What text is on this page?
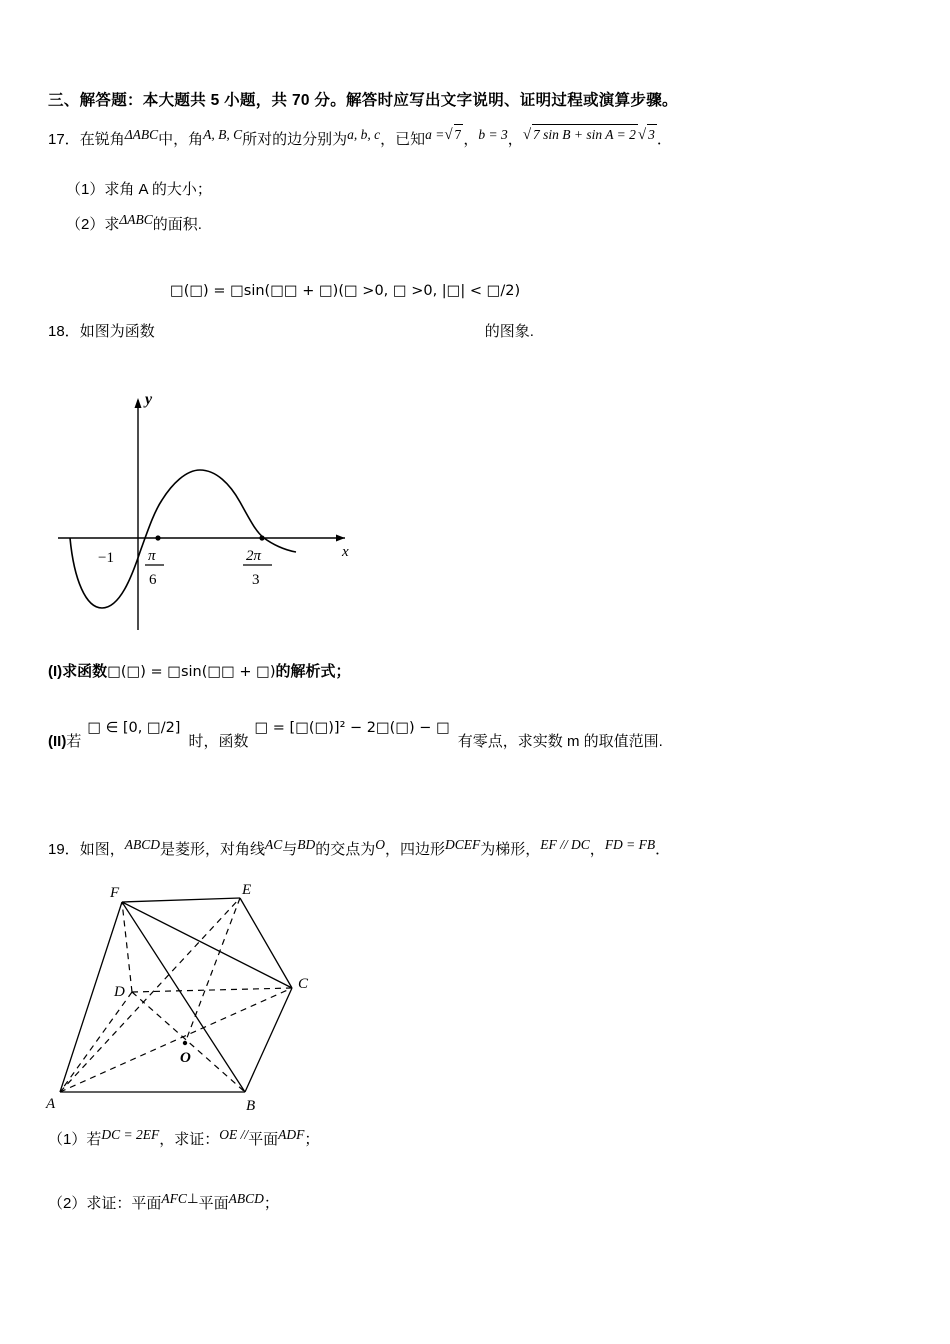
三、解答题：本大题共 5 小题，共 70 分。解答时应写出文字说明、证明过程或演算步骤。
17．在锐角ΔABC中，角A, B, C所对的边分别为a, b, c，已知a =√ 7 ，b = 3，√ 7 sin B + sin A = 2 √ 3 ．
（1）求角 A 的大小；
（2）求ΔABC的面积.
□(□) = □sin(□□ + □)(□ >0, □ >0, |□| < □/2)
18．如图为函数	的图象.
x
y
−1 π
6
2π
3
(I)求函数□(□) = □sin(□□ + □)的解析式；
(II)若□ ∈ [0, □/2]时，函数□ = [□(□)]² − 2□(□) − □有零点，求实数 m 的取值范围.
19．如图，ABCD是菱形，对角线AC与BD的交点为O，四边形DCEF为梯形，EF // DC，FD = FB．
F	E
D	C
O
A	B
（1）若DC = 2EF，求证：OE //平面ADF；
（2）求证：平面AFC⊥平面ABCD；
